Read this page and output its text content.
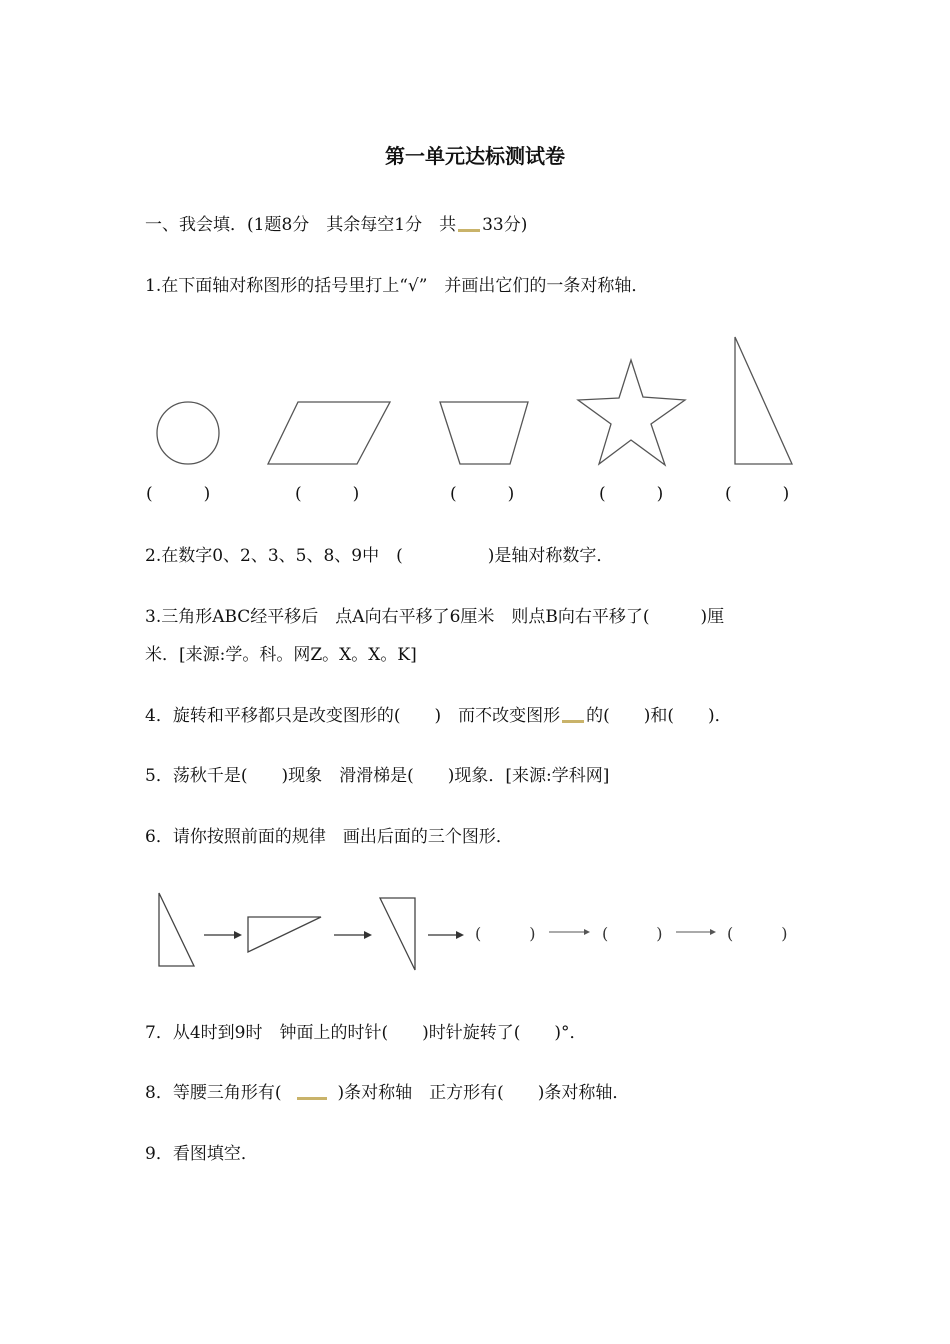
第一单元达标测试卷
一、我会填．(1题8分　其余每空1分　共 33分)
1.在下面轴对称图形的括号里打上“√”　并画出它们的一条对称轴．
(　　　)	(　　　)	(　　　)	(　　　)	(　　　)
2.在数字0、2、3、5、8、9中　(　　　　　)是轴对称数字．
3.三角形ABC经平移后　点A向右平移了6厘米　则点B向右平移了(　　　)厘
米．[来源:学。科。网Z。X。X。K]
4．旋转和平移都只是改变图形的(　　)　而不改变图形 的(　　)和(　　)．
5．荡秋千是(　　)现象　滑滑梯是(　　)现象．[来源:学科网]
6．请你按照前面的规律　画出后面的三个图形．
(　　　)	(　　　)	(　　　)
7．从4时到9时　钟面上的时针(　　)时针旋转了(　　)°．
8．等腰三角形有(	)条对称轴　正方形有(　　)条对称轴．
9．看图填空．
